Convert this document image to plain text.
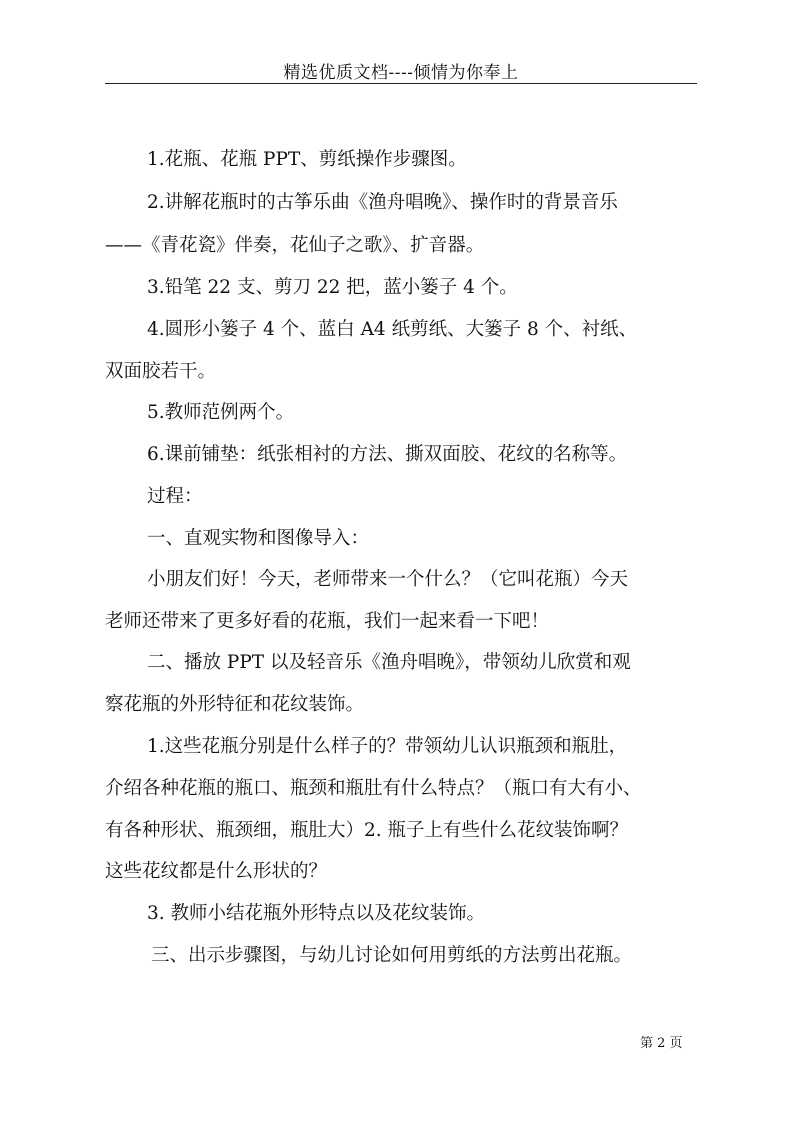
精选优质文档----倾情为你奉上
1.花瓶、花瓶 PPT、剪纸操作步骤图。
2.讲解花瓶时的古筝乐曲《渔舟唱晚》、操作时的背景音乐
——《青花瓷》伴奏，花仙子之歌》、扩音器。
3.铅笔 22 支、剪刀 22 把，蓝小篓子 4 个。
4.圆形小篓子 4 个、蓝白 A4 纸剪纸、大篓子 8 个、衬纸、
双面胶若干。
5.教师范例两个。
6.课前铺垫：纸张相衬的方法、撕双面胶、花纹的名称等。
过程：
一、直观实物和图像导入：
小朋友们好！今天，老师带来一个什么？（它叫花瓶）今天
老师还带来了更多好看的花瓶，我们一起来看一下吧！
二、播放 PPT 以及轻音乐《渔舟唱晚》，带领幼儿欣赏和观
察花瓶的外形特征和花纹装饰。
1.这些花瓶分别是什么样子的？带领幼儿认识瓶颈和瓶肚，
介绍各种花瓶的瓶口、瓶颈和瓶肚有什么特点？（瓶口有大有小、
有各种形状、瓶颈细，瓶肚大）2. 瓶子上有些什么花纹装饰啊？
这些花纹都是什么形状的？
3. 教师小结花瓶外形特点以及花纹装饰。
三、出示步骤图，与幼儿讨论如何用剪纸的方法剪出花瓶。
第 2 页
